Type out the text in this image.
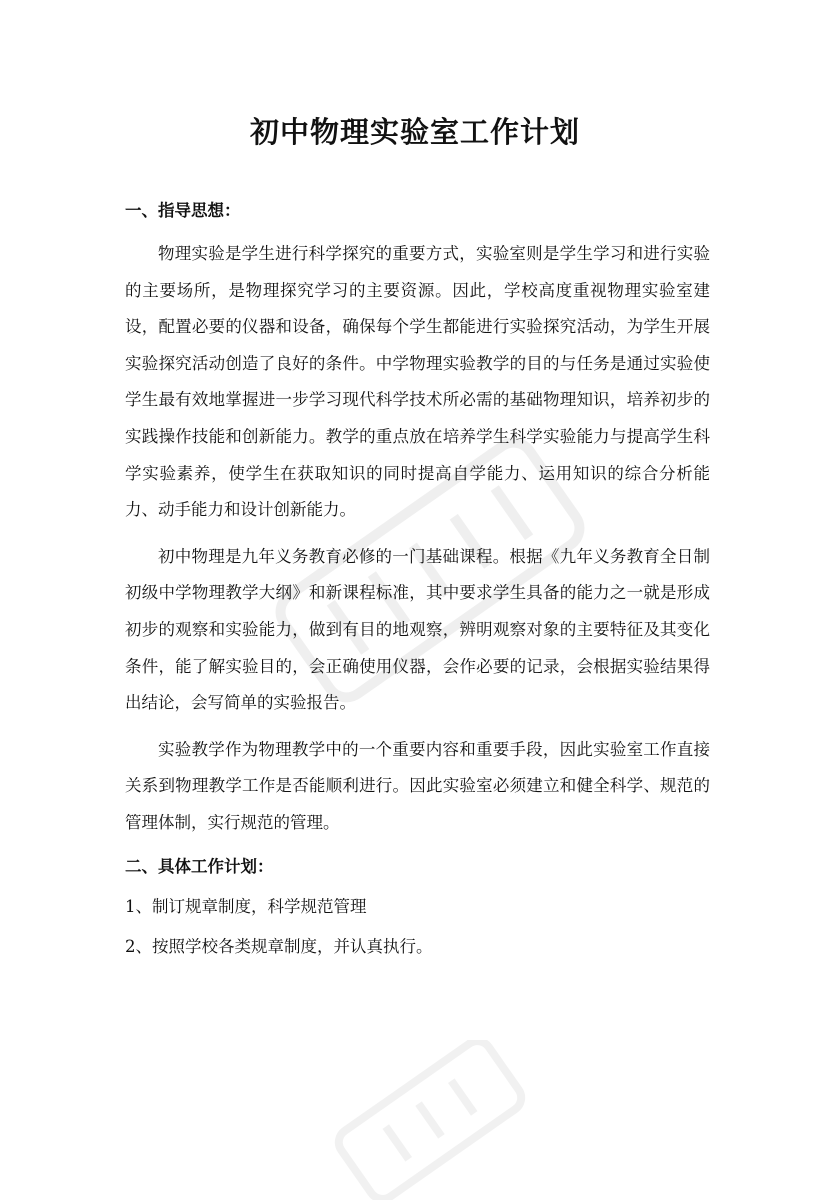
初中物理实验室工作计划
一、指导思想：

物理实验是学生进行科学探究的重要方式，实验室则是学生学习和进行实验的主要场所，是物理探究学习的主要资源。因此，学校高度重视物理实验室建设，配置必要的仪器和设备，确保每个学生都能进行实验探究活动，为学生开展实验探究活动创造了良好的条件。中学物理实验教学的目的与任务是通过实验使学生最有效地掌握进一步学习现代科学技术所必需的基础物理知识，培养初步的实践操作技能和创新能力。教学的重点放在培养学生科学实验能力与提高学生科学实验素养，使学生在获取知识的同时提高自学能力、运用知识的综合分析能力、动手能力和设计创新能力。

初中物理是九年义务教育必修的一门基础课程。根据《九年义务教育全日制初级中学物理教学大纲》和新课程标准，其中要求学生具备的能力之一就是形成初步的观察和实验能力，做到有目的地观察，辨明观察对象的主要特征及其变化条件，能了解实验目的，会正确使用仪器，会作必要的记录，会根据实验结果得出结论，会写简单的实验报告。

实验教学作为物理教学中的一个重要内容和重要手段，因此实验室工作直接关系到物理教学工作是否能顺利进行。因此实验室必须建立和健全科学、规范的管理体制，实行规范的管理。

二、具体工作计划：
1、制订规章制度，科学规范管理
2、按照学校各类规章制度，并认真执行。
